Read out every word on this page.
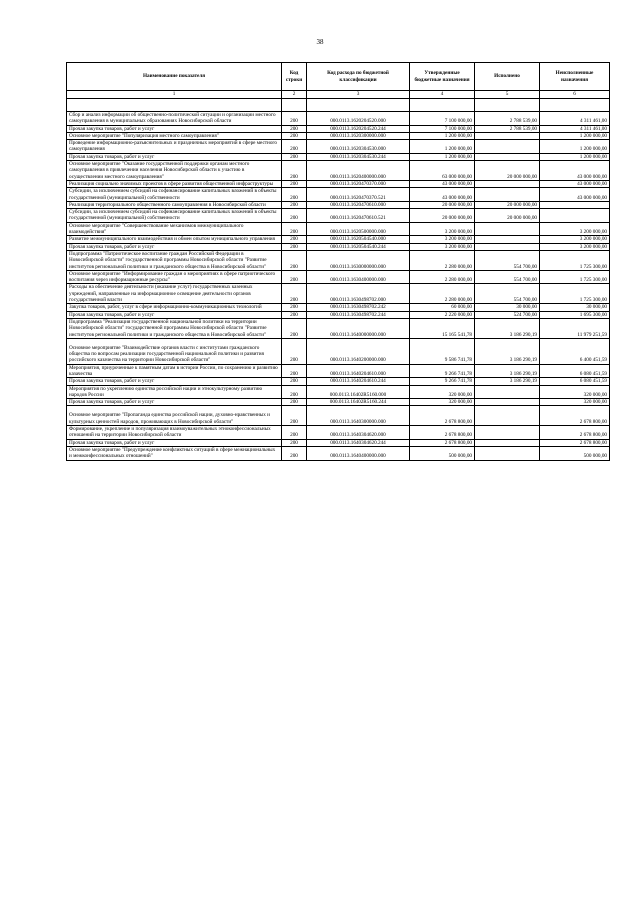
38
Наименование показателя	Код строки	Код расхода по бюджетной классификации	Утвержденные бюджетные назначения	Исполнено	Неисполненные назначения
1	2	3	4	5	6

Сбор и анализ информации об общественно-политической ситуации и организации местного самоуправления в муниципальных образованиях Новосибирской области	200	000.0113.1620204520.000	7 100 000,00	2 788 539,00	4 311 461,00
Прочая закупка товаров, работ и услуг	200	000.0113.1620204520.244	7 100 000,00	2 788 539,00	4 311 461,00
Основное мероприятие "Популяризация местного самоуправления"	200	000.0113.1620300000.000	1 200 000,00		1 200 000,00
Проведение информационно-разъяснительных и праздничных мероприятий в сфере местного самоуправления	200	000.0113.1620304530.000	1 200 000,00		1 200 000,00
Прочая закупка товаров, работ и услуг	200	000.0113.1620304530.244	1 200 000,00		1 200 000,00
Основное мероприятие "Оказание государственной поддержки органам местного самоуправления в привлечении населения Новосибирской области к участию в осуществлении местного самоуправления"	200	000.0113.1620400000.000	63 000 000,00	20 000 000,00	43 000 000,00
Реализация социально значимых проектов в сфере развития общественной инфраструктуры	200	000.0113.1620470370.000	43 000 000,00		43 000 000,00
Субсидии, за исключением субсидий на софинансирование капитальных вложений в объекты государственной (муниципальной) собственности	200	000.0113.1620470370.521	43 000 000,00		43 000 000,00
Реализация территориального общественного самоуправления в Новосибирской области	200	000.0113.1620470610.000	20 000 000,00	20 000 000,00	
Субсидии, за исключением субсидий на софинансирование капитальных вложений в объекты государственной (муниципальной) собственности	200	000.0113.1620470610.521	20 000 000,00	20 000 000,00	
Основное мероприятие "Совершенствование механизмов межмуниципального взаимодействия"	200	000.0113.1620500000.000	3 200 000,00		3 200 000,00
Развитие межмуниципального взаимодействия и обмен опытом муниципального управления	200	000.0113.1620504540.000	3 200 000,00		3 200 000,00
Прочая закупка товаров, работ и услуг	200	000.0113.1620504540.244	3 200 000,00		3 200 000,00
Подпрограмма "Патриотическое воспитание граждан Российской Федерации в Новосибирской области" государственной программы Новосибирской области "Развитие институтов региональной политики и гражданского общества в Новосибирской области"	200	000.0113.1630000000.000	2 280 000,00	554 700,00	1 725 300,00
Основное мероприятие "Информирование граждан о мероприятиях в сфере патриотического воспитания через информационные ресурсы"	200	000.0113.1630400000.000	2 280 000,00	554 700,00	1 725 300,00
Расходы на обеспечение деятельности (оказание услуг) государственных казенных учреждений, направленные на информационное освещение деятельности органов государственной власти	200	000.0113.1630498702.000	2 280 000,00	554 700,00	1 725 300,00
Закупка товаров, работ, услуг в сфере информационно-коммуникационных технологий	200	000.0113.1630498702.242	60 000,00	30 000,00	30 000,00
Прочая закупка товаров, работ и услуг	200	000.0113.1630498702.244	2 220 000,00	524 700,00	1 695 300,00
Подпрограмма "Реализация государственной национальной политики на территории Новосибирской области" государственной программы Новосибирской области "Развитие институтов региональной политики и гражданского общества в Новосибирской области"	200	000.0113.1640000000.000	15 165 541,78	3 186 290,19	11 979 251,59
Основное мероприятие "Взаимодействие органов власти с институтами гражданского общества по вопросам реализации государственной национальной политики и развития российского казачества на территории Новосибирской области"	200	000.0113.1640200000.000	9 586 741,78	3 186 290,19	6 400 451,59
Мероприятия, приуроченные к памятным датам в истории России, по сохранению и развитию казачества	200	000.0113.1640204610.000	9 266 741,78	3 186 290,19	6 080 451,59
Прочая закупка товаров, работ и услуг	200	000.0113.1640204610.244	9 266 741,78	3 186 290,19	6 080 451,59
Мероприятия по укреплению единства российской нации и этнокультурному развитию народов России	200	000.0113.16402R5160.000	320 000,00		320 000,00
Прочая закупка товаров, работ и услуг	200	000.0113.16402R5160.244	320 000,00		320 000,00
Основное мероприятие "Пропаганда единства российской нации, духовно-нравственных и культурных ценностей народов, проживающих в Новосибирской области"	200	000.0113.1640300000.000	2 678 800,00		2 678 800,00
Формирование, укрепление и популяризация взаимоуважительных этноконфессиональных отношений на территории Новосибирской области	200	000.0113.1640304620.000	2 678 800,00		2 678 800,00
Прочая закупка товаров, работ и услуг	200	000.0113.1640304620.244	2 678 800,00		2 678 800,00
Основное мероприятие "Предупреждение конфликтных ситуаций в сфере межнациональных и межконфессиональных отношений"	200	000.0113.1640400000.000	500 000,00		500 000,00
